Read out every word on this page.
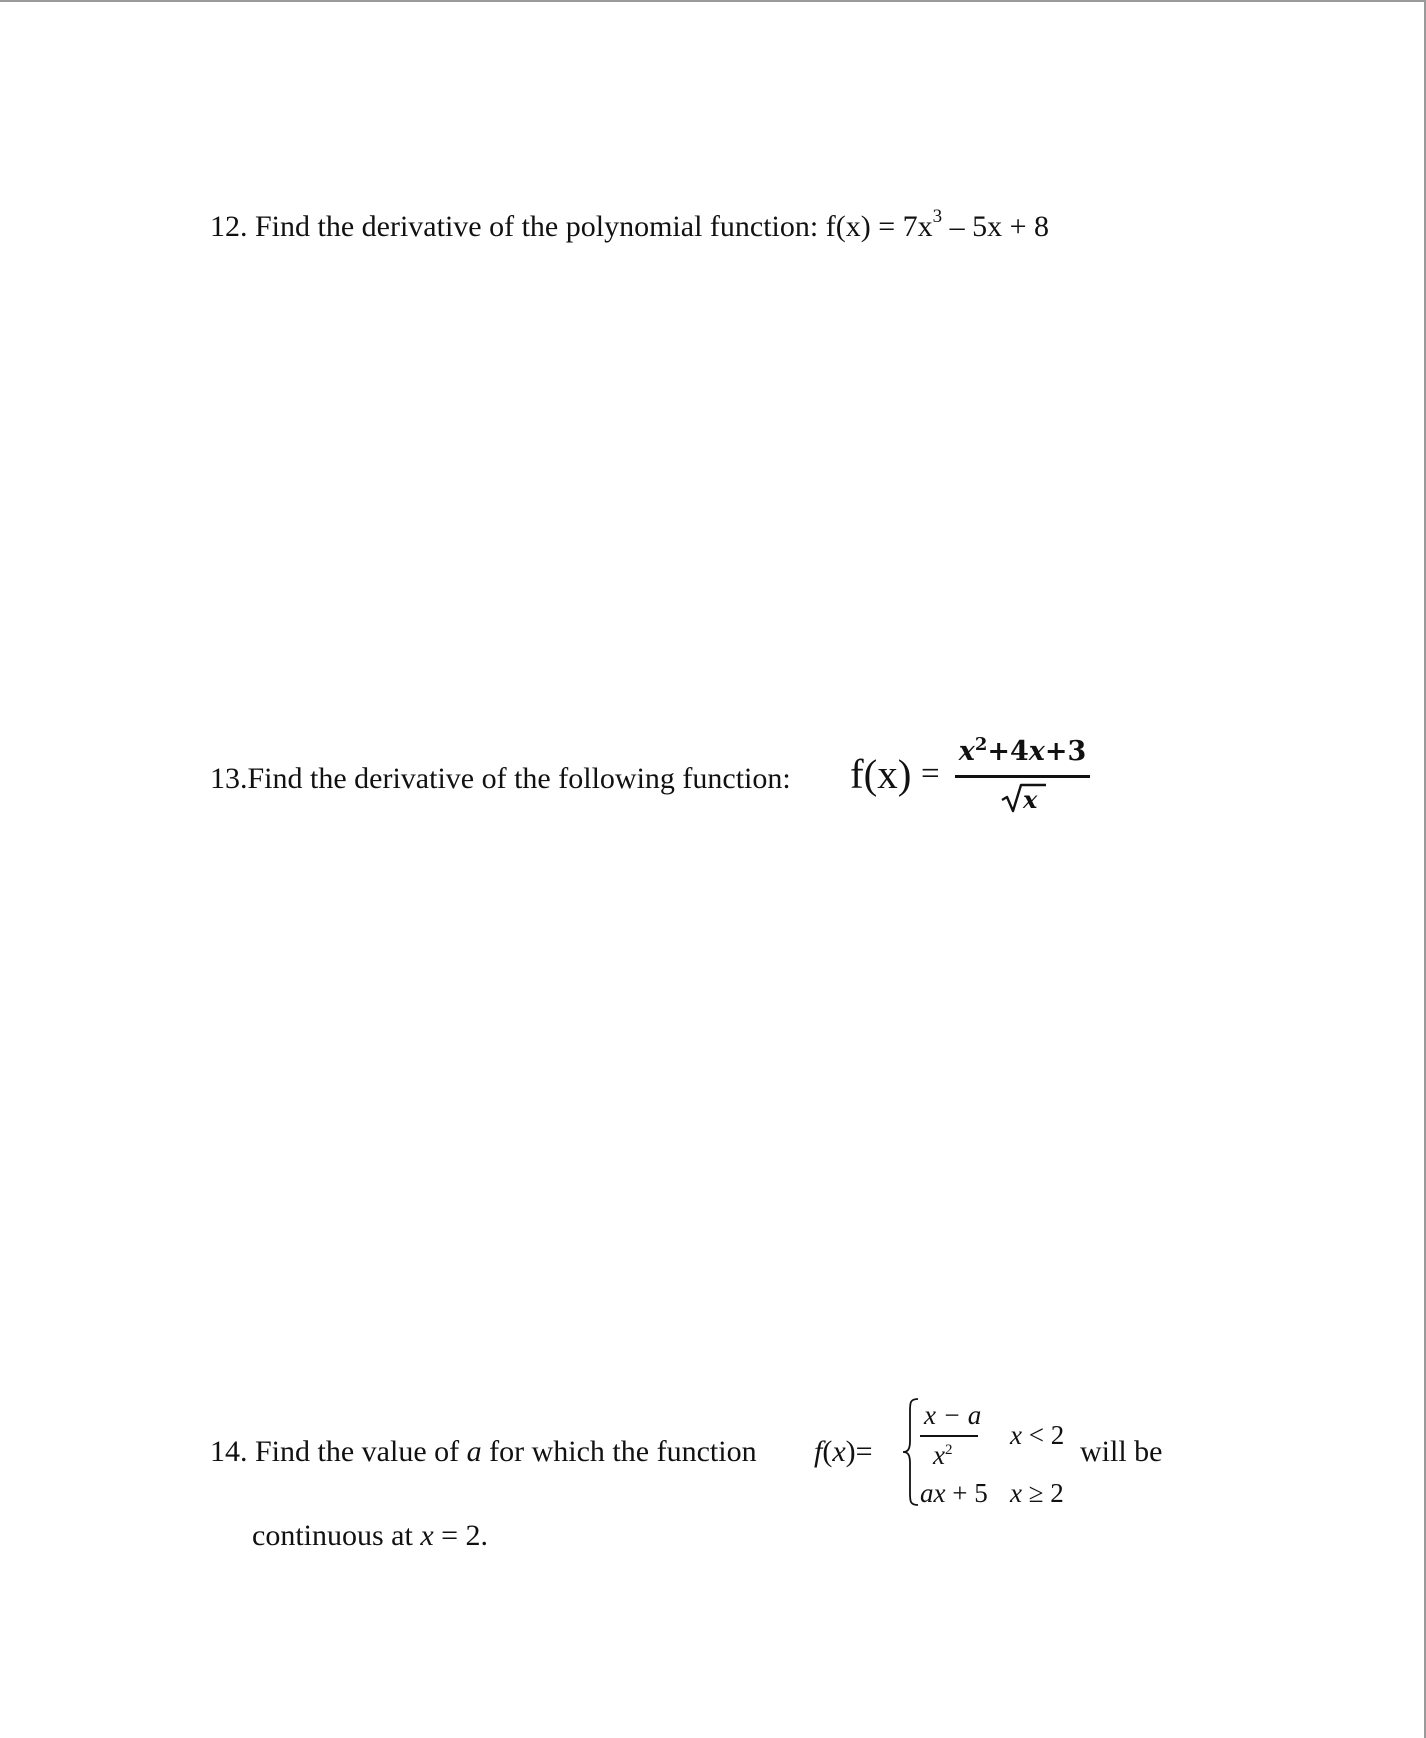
12. Find the derivative of the polynomial function: $f(x) = 7x^3 - 5x + 8$
13.Find the derivative of the following function: f(x) =
$x^2+4x+3$
x
14. Find the value of a for which the function f(x)=
x − a
$x^2$ x < 2
ax + 5 x ≥ 2
will be
continuous at x = 2.
